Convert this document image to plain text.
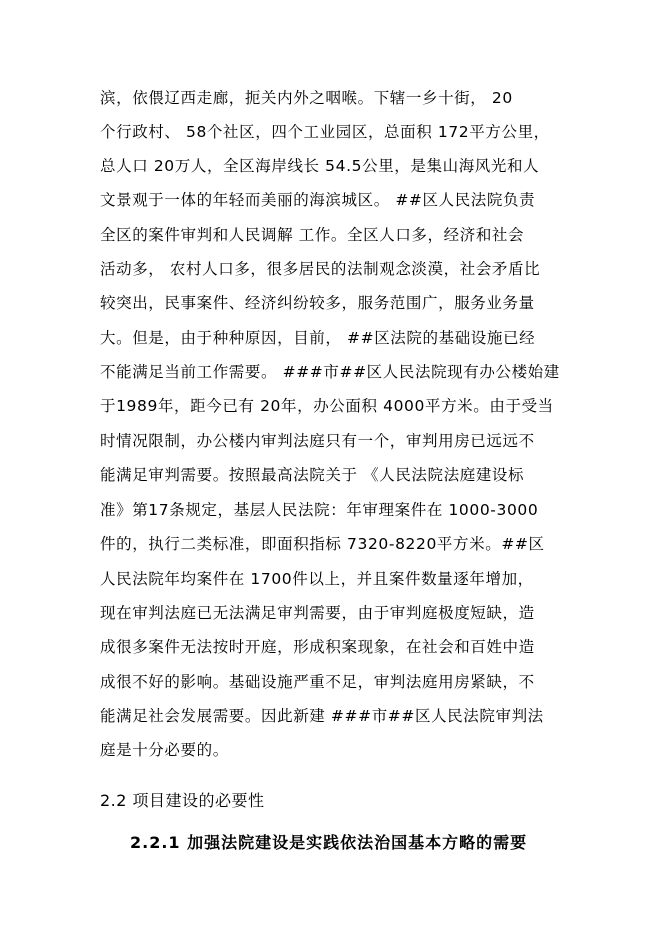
滨，依偎辽西走廊，扼关内外之咽喉。下辖一乡十街， 20
个行政村、 58个社区，四个工业园区，总面积 172平方公里，
总人口 20万人，全区海岸线长 54.5公里，是集山海风光和人
文景观于一体的年轻而美丽的海滨城区。 ##区人民法院负责
全区的案件审判和人民调解 工作。全区人口多，经济和社会
活动多， 农村人口多，很多居民的法制观念淡漠，社会矛盾比
较突出，民事案件、经济纠纷较多，服务范围广，服务业务量
大。但是，由于种种原因，目前， ##区法院的基础设施已经
不能满足当前工作需要。 ###市##区人民法院现有办公楼始建
于1989年，距今已有 20年，办公面积 4000平方米。由于受当
时情况限制，办公楼内审判法庭只有一个，审判用房已远远不
能满足审判需要。按照最高法院关于 《人民法院法庭建设标
准》第17条规定，基层人民法院：年审理案件在 1000-3000
件的，执行二类标准，即面积指标 7320-8220平方米。##区
人民法院年均案件在 1700件以上，并且案件数量逐年增加，
现在审判法庭已无法满足审判需要，由于审判庭极度短缺，造
成很多案件无法按时开庭，形成积案现象，在社会和百姓中造
成很不好的影响。基础设施严重不足，审判法庭用房紧缺，不
能满足社会发展需要。因此新建 ###市##区人民法院审判法
庭是十分必要的。
2.2 项目建设的必要性
2.2.1 加强法院建设是实践依法治国基本方略的需要
